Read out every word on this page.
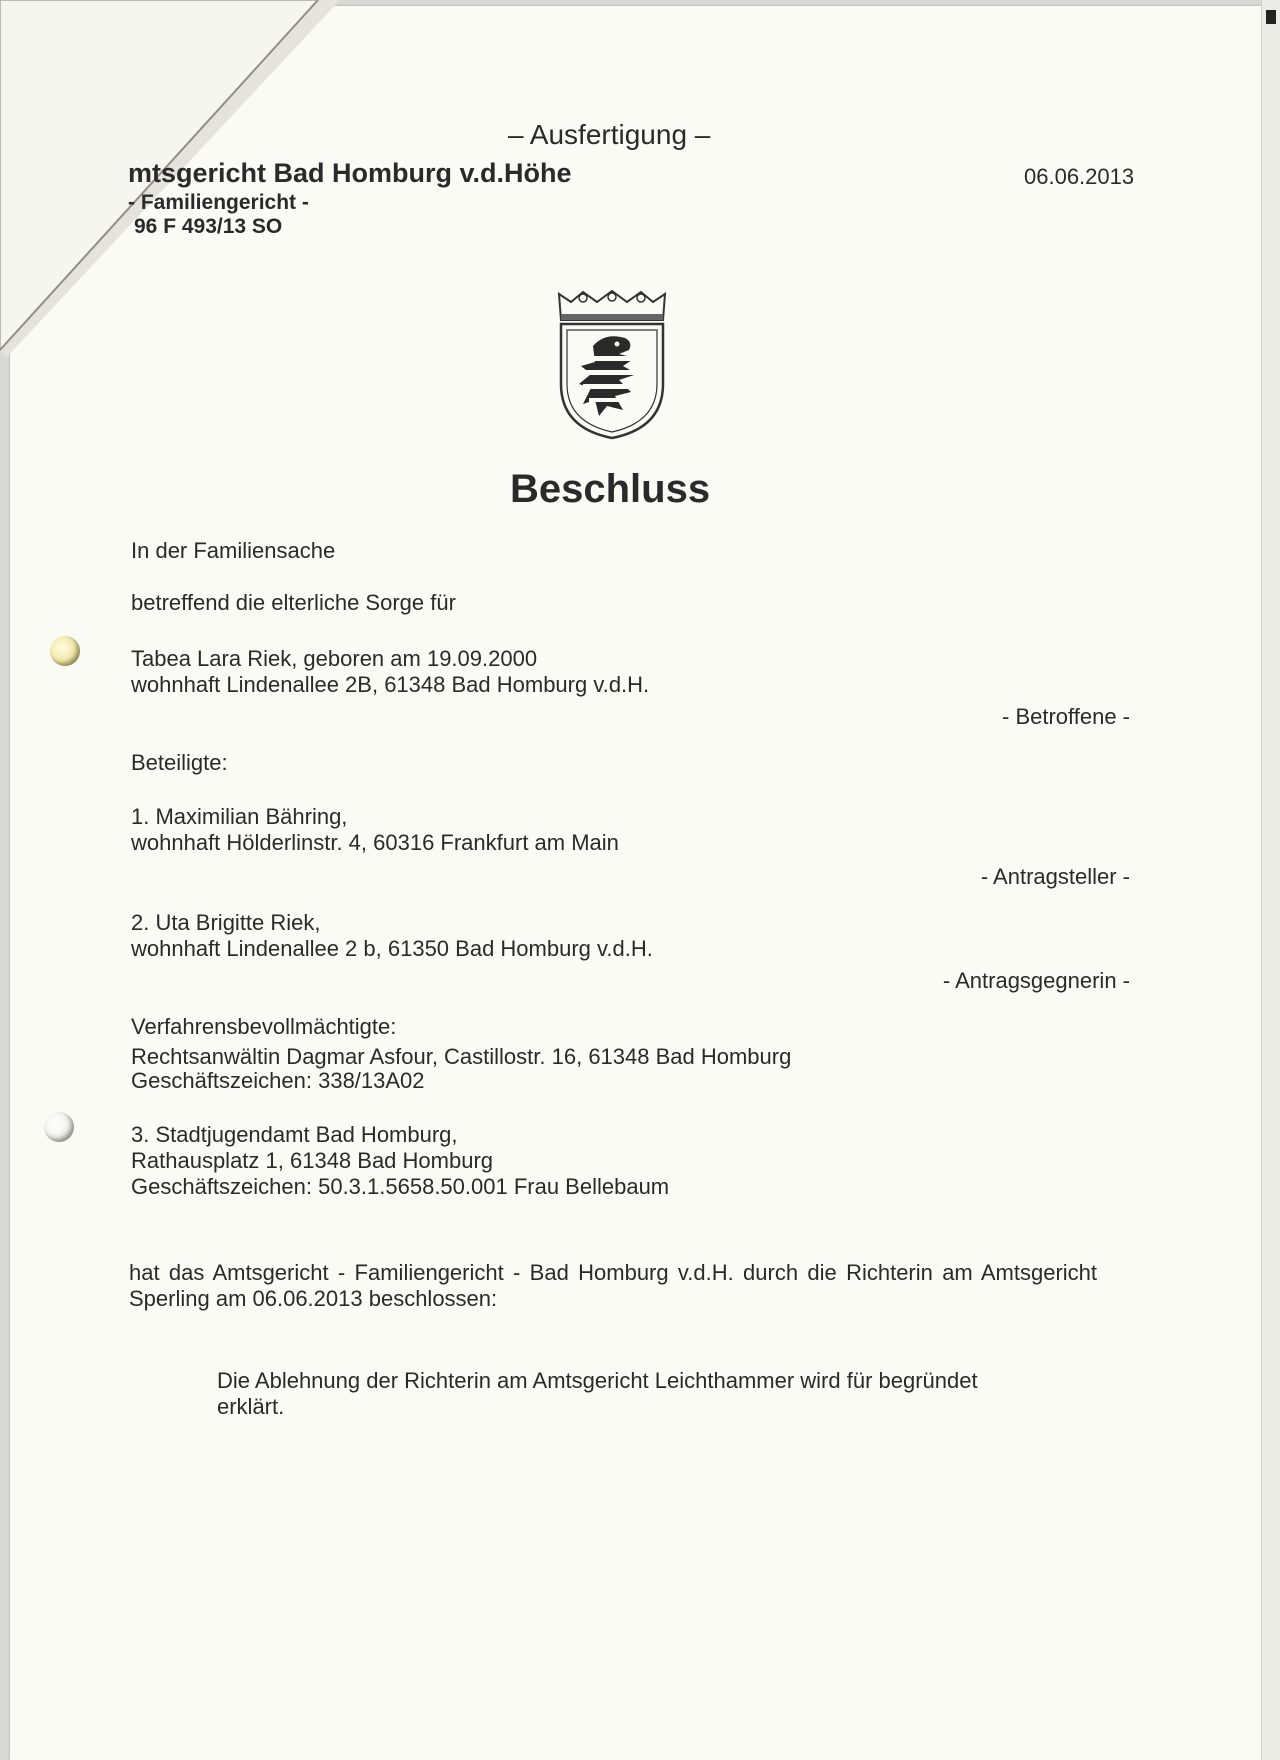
– Ausfertigung –
mtsgericht Bad Homburg v.d.Höhe
- Familiengericht -
96 F 493/13 SO
06.06.2013
Beschluss
In der Familiensache
betreffend die elterliche Sorge für
Tabea Lara Riek, geboren am 19.09.2000
wohnhaft Lindenallee 2B, 61348 Bad Homburg v.d.H.
- Betroffene -
Beteiligte:
1. Maximilian Bähring,
wohnhaft Hölderlinstr. 4, 60316 Frankfurt am Main
- Antragsteller -
2. Uta Brigitte Riek,
wohnhaft Lindenallee 2 b, 61350 Bad Homburg v.d.H.
- Antragsgegnerin -
Verfahrensbevollmächtigte:
Rechtsanwältin Dagmar Asfour, Castillostr. 16, 61348 Bad Homburg
Geschäftszeichen: 338/13A02
3. Stadtjugendamt Bad Homburg,
Rathausplatz 1, 61348 Bad Homburg
Geschäftszeichen: 50.3.1.5658.50.001 Frau Bellebaum
hat das Amtsgericht - Familiengericht - Bad Homburg v.d.H. durch die Richterin am Amtsgericht Sperling am 06.06.2013 beschlossen:
Die Ablehnung der Richterin am Amtsgericht Leichthammer wird für begründet erklärt.
